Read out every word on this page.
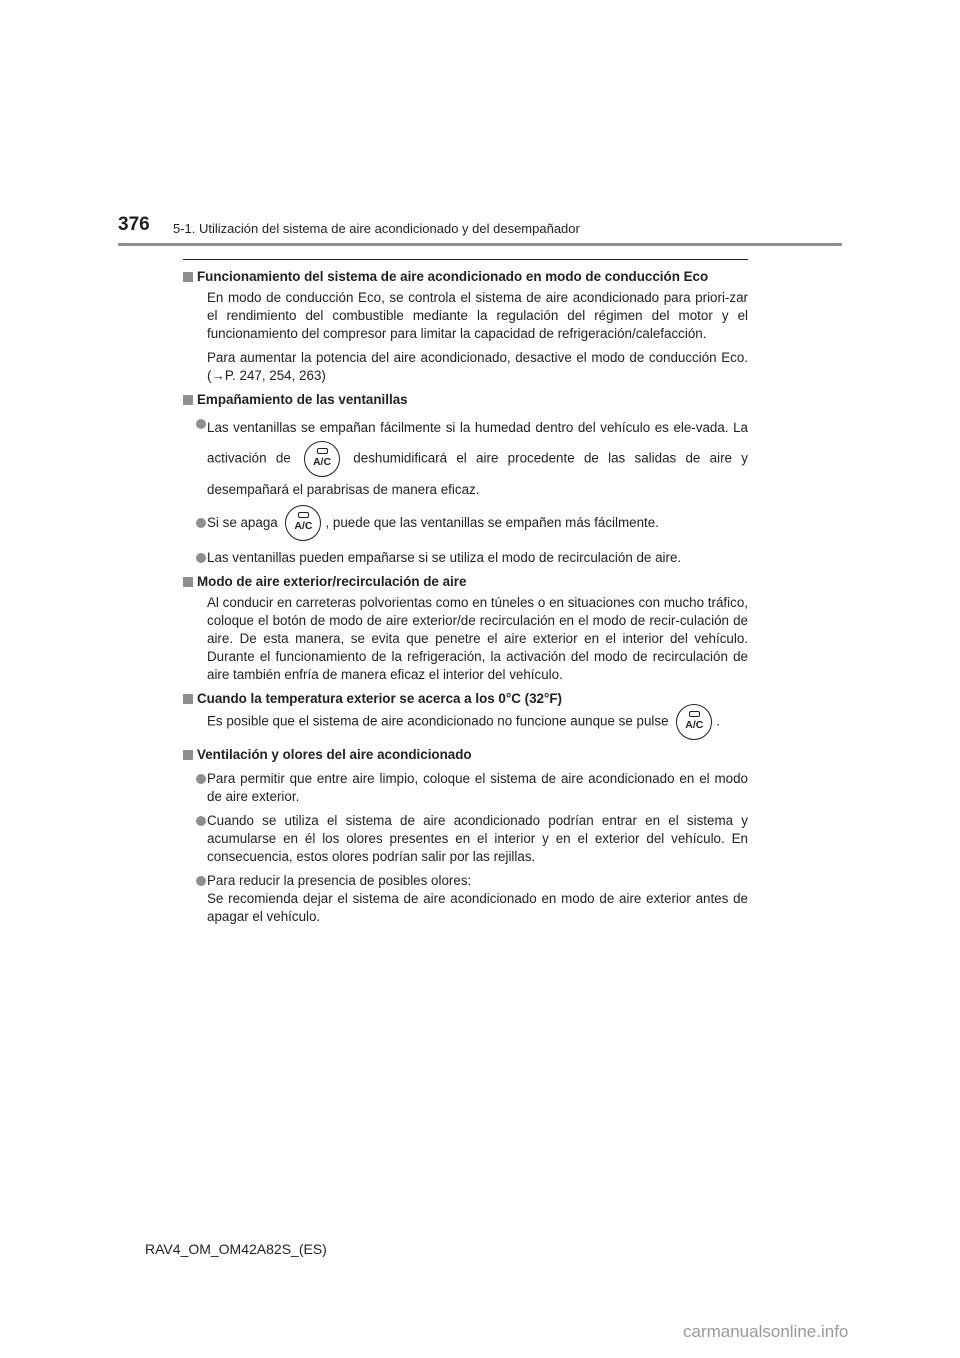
376 5-1. Utilización del sistema de aire acondicionado y del desempañador
Funcionamiento del sistema de aire acondicionado en modo de conducción Eco
En modo de conducción Eco, se controla el sistema de aire acondicionado para priori-zar el rendimiento del combustible mediante la regulación del régimen del motor y el funcionamiento del compresor para limitar la capacidad de refrigeración/calefacción.
Para aumentar la potencia del aire acondicionado, desactive el modo de conducción Eco. (→P. 247, 254, 263)
Empañamiento de las ventanillas
Las ventanillas se empañan fácilmente si la humedad dentro del vehículo es ele-vada. La activación de	A/C	deshumidificará el aire procedente de las salidas de aire y desempañará el parabrisas de manera eficaz.
Si se apaga	A/C , puede que las ventanillas se empañen más fácilmente.
Las ventanillas pueden empañarse si se utiliza el modo de recirculación de aire.
Modo de aire exterior/recirculación de aire
Al conducir en carreteras polvorientas como en túneles o en situaciones con mucho tráfico, coloque el botón de modo de aire exterior/de recirculación en el modo de recir-culación de aire. De esta manera, se evita que penetre el aire exterior en el interior del vehículo. Durante el funcionamiento de la refrigeración, la activación del modo de recirculación de aire también enfría de manera eficaz el interior del vehículo.
Cuando la temperatura exterior se acerca a los 0°C (32°F)
Es posible que el sistema de aire acondicionado no funcione aunque se pulse	A/C .
Ventilación y olores del aire acondicionado
Para permitir que entre aire limpio, coloque el sistema de aire acondicionado en el modo de aire exterior.
Cuando se utiliza el sistema de aire acondicionado podrían entrar en el sistema y acumularse en él los olores presentes en el interior y en el exterior del vehículo. En consecuencia, estos olores podrían salir por las rejillas.
Para reducir la presencia de posibles olores:
Se recomienda dejar el sistema de aire acondicionado en modo de aire exterior antes de apagar el vehículo.
RAV4_OM_OM42A82S_(ES)
carmanualsonline.info
